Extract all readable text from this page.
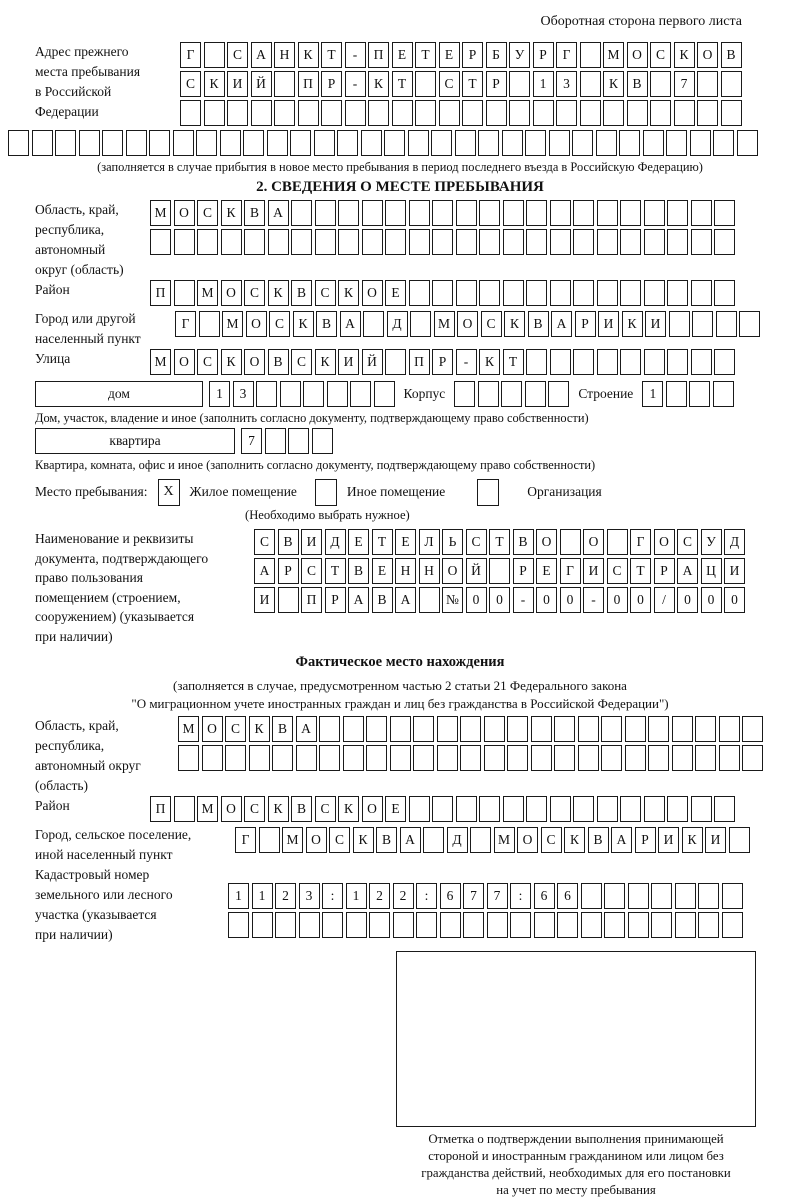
Оборотная сторона первого листа
Адрес прежнего
места пребывания
в Российской
Федерации
Г	С	А	Н	К	Т	-	П	Е	Т	Е	Р	Б	У	Р	Г	М О	С	К	О	В
С	К	И	Й	П	Р	-	К	Т	С	Т	Р	1	3	К	В	7
(заполняется в случае прибытия в новое место пребывания в период последнего въезда в Российскую Федерацию)
2. СВЕДЕНИЯ О МЕСТЕ ПРЕБЫВАНИЯ
Область, край,
республика,
автономный
округ (область)
М О	С	К	В	А
Район	П	М О	С	К	В	С	К	О	Е
Город или другой
населенный пункт
Г	М О	С	К	В	А	Д	М О	С	К	В	А	Р	И	К	И
Улица	М О	С	К	О	В	С	К	И	Й	П	Р	-	К	Т
дом	1	3	Корпус	Строение	1
Дом, участок, владение и иное (заполнить согласно документу, подтверждающему право собственности)
квартира	7
Квартира, комната, офис и иное (заполнить согласно документу, подтверждающему право собственности)
Место пребывания:	X	Жилое помещение	Иное помещение	Организация
(Необходимо выбрать нужное)
Наименование и реквизиты
документа, подтверждающего
право пользования
помещением (строением,
сооружением) (указывается
при наличии)
С	В	И	Д	Е	Т	Е	Л	Ь	С	Т	В	О	О	Г	О	С	У	Д
А	Р	С	Т	В	Е	Н	Н	О	Й	Р	Е	Г	И	С	Т	Р	А	Ц	И
И	П	Р	А	В	А	№	0	0	-	0	0	-	0	0	/	0	0	0
Фактическое место нахождения
(заполняется в случае, предусмотренном частью 2 статьи 21 Федерального закона
"О миграционном учете иностранных граждан и лиц без гражданства в Российской Федерации")
Область, край,
республика,
автономный округ
(область)
М О	С	К	В	А
Район	П	М О	С	К	В	С	К	О	Е
Город, сельское поселение,
иной населенный пункт
Г	М О	С	К	В	А	Д	М О	С	К	В	А	Р	И	К	И
Кадастровый номер
земельного или лесного
участка (указывается
при наличии)
1	1	2	3	:	1	2	2	:	6	7	7	:	6	6
Отметка о подтверждении выполнения принимающей
стороной и иностранным гражданином или лицом без
гражданства действий, необходимых для его постановки
на учет по месту пребывания
